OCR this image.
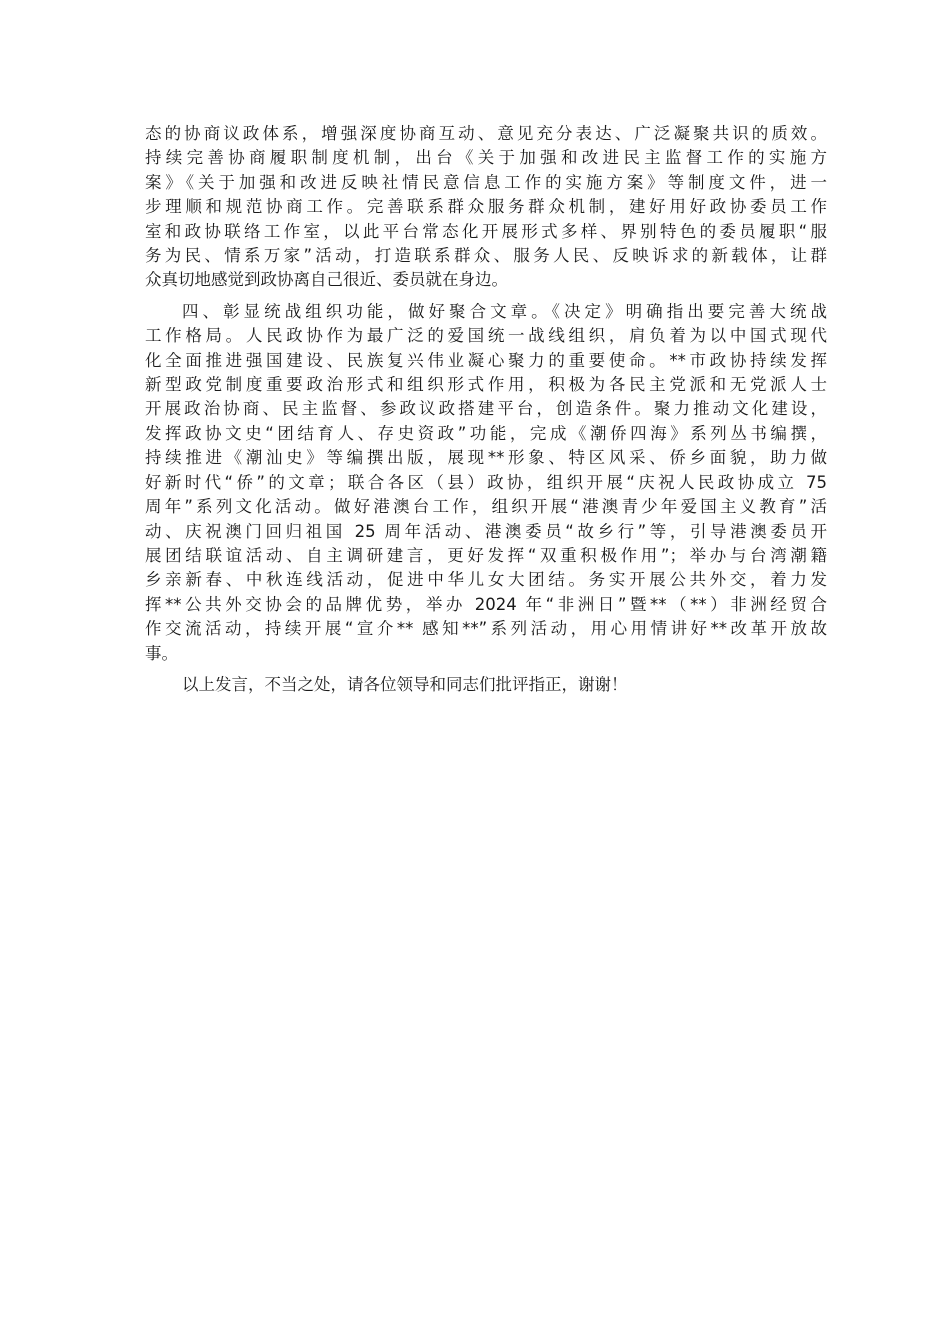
态的协商议政体系，增强深度协商互动、意见充分表达、广泛凝聚共识的质效。
持续完善协商履职制度机制，出台《关于加强和改进民主监督工作的实施方
案》《关于加强和改进反映社情民意信息工作的实施方案》等制度文件，进一
步理顺和规范协商工作。完善联系群众服务群众机制，建好用好政协委员工作
室和政协联络工作室，以此平台常态化开展形式多样、界别特色的委员履职“服
务为民、情系万家”活动，打造联系群众、服务人民、反映诉求的新载体，让群
众真切地感觉到政协离自己很近、委员就在身边。

四、彰显统战组织功能，做好聚合文章。《决定》明确指出要完善大统战
工作格局。人民政协作为最广泛的爱国统一战线组织，肩负着为以中国式现代
化全面推进强国建设、民族复兴伟业凝心聚力的重要使命。**市政协持续发挥
新型政党制度重要政治形式和组织形式作用，积极为各民主党派和无党派人士
开展政治协商、民主监督、参政议政搭建平台，创造条件。聚力推动文化建设，
发挥政协文史“团结育人、存史资政”功能，完成《潮侨四海》系列丛书编撰，
持续推进《潮汕史》等编撰出版，展现**形象、特区风采、侨乡面貌，助力做
好新时代“侨”的文章；联合各区（县）政协，组织开展“庆祝人民政协成立 75
周年”系列文化活动。做好港澳台工作，组织开展“港澳青少年爱国主义教育”活
动、庆祝澳门回归祖国 25 周年活动、港澳委员“故乡行”等，引导港澳委员开
展团结联谊活动、自主调研建言，更好发挥“双重积极作用”；举办与台湾潮籍
乡亲新春、中秋连线活动，促进中华儿女大团结。务实开展公共外交，着力发
挥**公共外交协会的品牌优势，举办 2024 年“非洲日”暨**（**）非洲经贸合
作交流活动，持续开展“宣介** 感知**”系列活动，用心用情讲好**改革开放故
事。

以上发言，不当之处，请各位领导和同志们批评指正，谢谢！
